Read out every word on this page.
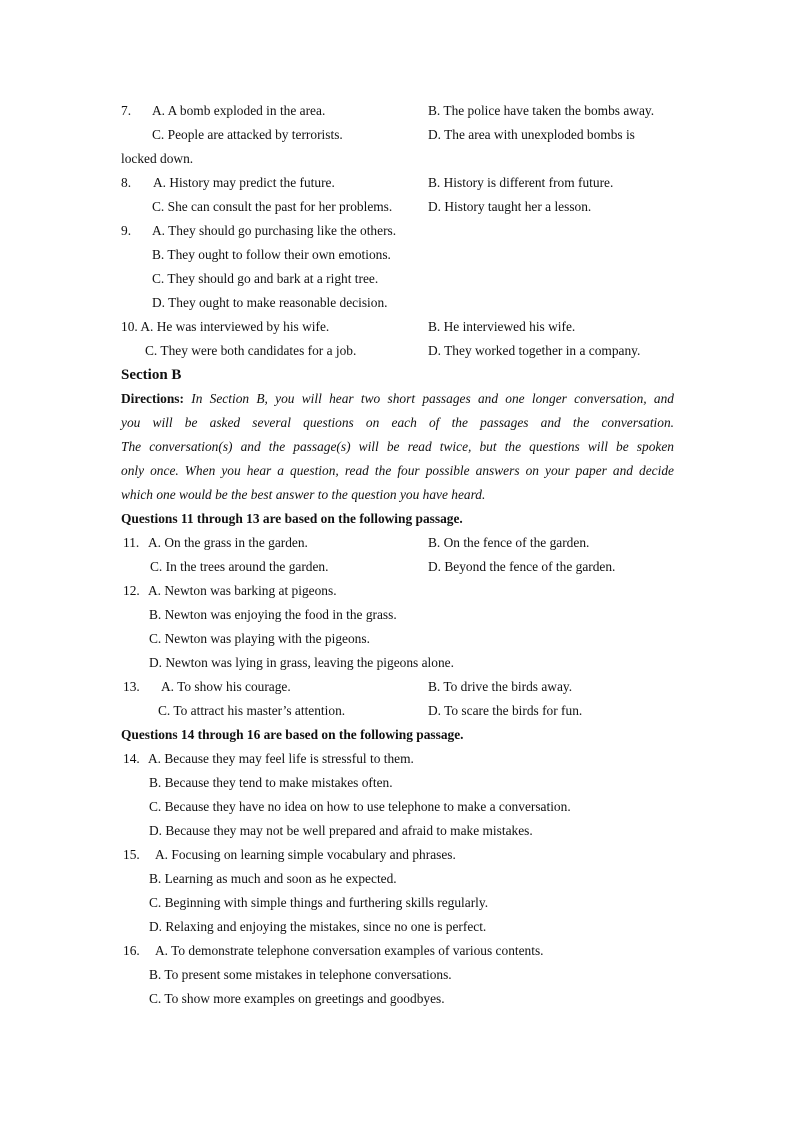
7. A. A bomb exploded in the area.	B. The police have taken the bombs away.
C. People are attacked by terrorists.	D. The area with unexploded bombs is
locked down.
8. A. History may predict the future.	B. History is different from future.
C. She can consult the past for her problems.	D. History taught her a lesson.
9. A. They should go purchasing like the others.
B. They ought to follow their own emotions.
C. They should go and bark at a right tree.
D. They ought to make reasonable decision.
10. A. He was interviewed by his wife.	B. He interviewed his wife.
C. They were both candidates for a job.	D. They worked together in a company.
Section B
Directions: In Section B, you will hear two short passages and one longer conversation, and
you will be asked several questions on each of the passages and the conversation.
The conversation(s) and the passage(s) will be read twice, but the questions will be spoken
only once. When you hear a question, read the four possible answers on your paper and decide
which one would be the best answer to the question you have heard.
Questions 11 through 13 are based on the following passage.
11. A. On the grass in the garden.	B. On the fence of the garden.
C. In the trees around the garden.	D. Beyond the fence of the garden.
12. A. Newton was barking at pigeons.
B. Newton was enjoying the food in the grass.
C. Newton was playing with the pigeons.
D. Newton was lying in grass, leaving the pigeons alone.
13. A. To show his courage.	B. To drive the birds away.
C. To attract his master’s attention.	D. To scare the birds for fun.
Questions 14 through 16 are based on the following passage.
14. A. Because they may feel life is stressful to them.
B. Because they tend to make mistakes often.
C. Because they have no idea on how to use telephone to make a conversation.
D. Because they may not be well prepared and afraid to make mistakes.
15. A. Focusing on learning simple vocabulary and phrases.
B. Learning as much and soon as he expected.
C. Beginning with simple things and furthering skills regularly.
D. Relaxing and enjoying the mistakes, since no one is perfect.
16. A. To demonstrate telephone conversation examples of various contents.
B. To present some mistakes in telephone conversations.
C. To show more examples on greetings and goodbyes.
